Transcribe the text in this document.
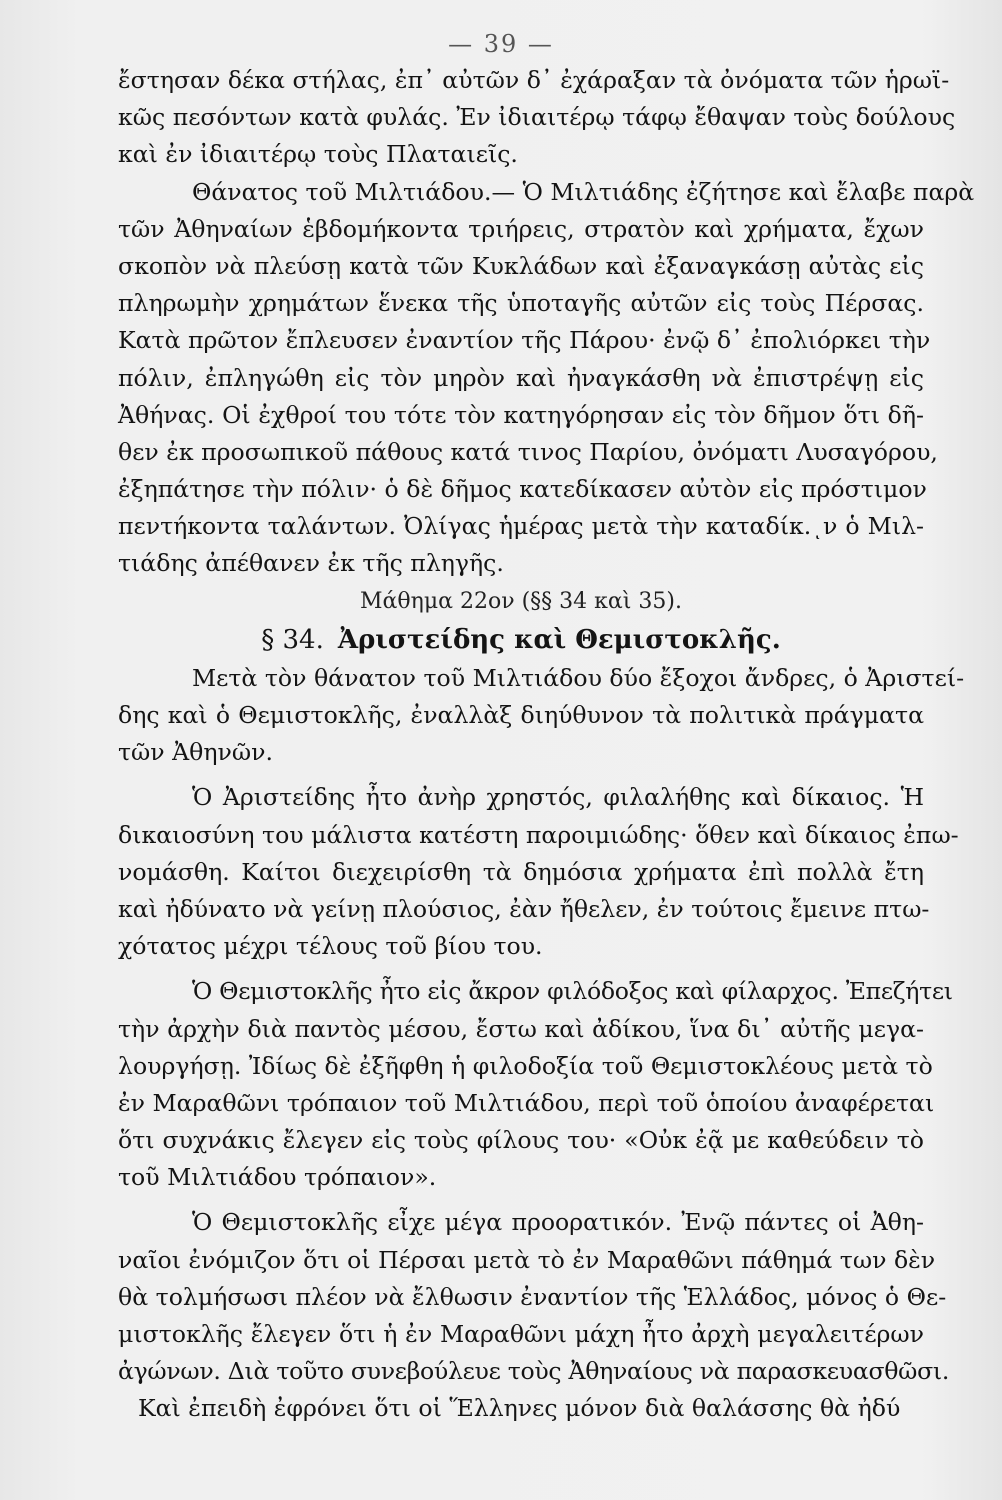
— 39 —
ἔστησαν δέκα στήλας, ἐπ᾽ αὐτῶν δ᾽ ἐχάραξαν τὰ ὀνόματα τῶν ἡρωϊ-
κῶς πεσόντων κατὰ φυλάς. Ἐν ἰδιαιτέρῳ τάφῳ ἔθαψαν τοὺς δούλους
καὶ ἐν ἰδιαιτέρῳ τοὺς Πλαταιεῖς.
Θάνατος τοῦ Μιλτιάδου.— Ὁ Μιλτιάδης ἐζήτησε καὶ ἔλαβε παρὰ
τῶν Ἀθηναίων ἑβδομήκοντα τριήρεις, στρατὸν καὶ χρήματα, ἔχων
σκοπὸν νὰ πλεύσῃ κατὰ τῶν Κυκλάδων καὶ ἐξαναγκάσῃ αὐτὰς εἰς
πληρωμὴν χρημάτων ἕνεκα τῆς ὑποταγῆς αὐτῶν εἰς τοὺς Πέρσας.
Κατὰ πρῶτον ἔπλευσεν ἐναντίον τῆς Πάρου· ἐνῷ δ᾽ ἐπολιόρκει τὴν
πόλιν, ἐπληγώθη εἰς τὸν μηρὸν καὶ ἠναγκάσθη νὰ ἐπιστρέψῃ εἰς
Ἀθήνας. Οἱ ἐχθροί του τότε τὸν κατηγόρησαν εἰς τὸν δῆμον ὅτι δῆ-
θεν ἐκ προσωπικοῦ πάθους κατά τινος Παρίου, ὀνόματι Λυσαγόρου,
ἐξηπάτησε τὴν πόλιν· ὁ δὲ δῆμος κατεδίκασεν αὐτὸν εἰς πρόστιμον
πεντήκοντα ταλάντων. Ὀλίγας ἡμέρας μετὰ τὴν καταδίκ.ͺν ὁ Μιλ-
τιάδης ἀπέθανεν ἐκ τῆς πληγῆς.
Μάθημα 22ον (§§ 34 καὶ 35).
§ 34. Ἀριστείδης καὶ Θεμιστοκλῆς.
Μετὰ τὸν θάνατον τοῦ Μιλτιάδου δύο ἔξοχοι ἄνδρες, ὁ Ἀριστεί-
δης καὶ ὁ Θεμιστοκλῆς, ἐναλλὰξ διηύθυνον τὰ πολιτικὰ πράγματα
τῶν Ἀθηνῶν.
Ὁ Ἀριστείδης ἦτο ἀνὴρ χρηστός, φιλαλήθης καὶ δίκαιος. Ἡ
δικαιοσύνη του μάλιστα κατέστη παροιμιώδης· ὅθεν καὶ δίκαιος ἐπω-
νομάσθη. Καίτοι διεχειρίσθη τὰ δημόσια χρήματα ἐπὶ πολλὰ ἔτη
καὶ ἠδύνατο νὰ γείνῃ πλούσιος, ἐὰν ἤθελεν, ἐν τούτοις ἔμεινε πτω-
χότατος μέχρι τέλους τοῦ βίου του.
Ὁ Θεμιστοκλῆς ἦτο εἰς ἄκρον φιλόδοξος καὶ φίλαρχος. Ἐπεζήτει
τὴν ἀρχὴν διὰ παντὸς μέσου, ἔστω καὶ ἀδίκου, ἵνα δι᾽ αὐτῆς μεγα-
λουργήσῃ. Ἰδίως δὲ ἐξῆφθη ἡ φιλοδοξία τοῦ Θεμιστοκλέους μετὰ τὸ
ἐν Μαραθῶνι τρόπαιον τοῦ Μιλτιάδου, περὶ τοῦ ὁποίου ἀναφέρεται
ὅτι συχνάκις ἔλεγεν εἰς τοὺς φίλους του· «Οὐκ ἐᾷ με καθεύδειν τὸ
τοῦ Μιλτιάδου τρόπαιον».
Ὁ Θεμιστοκλῆς εἶχε μέγα προορατικόν. Ἐνῷ πάντες οἱ Ἀθη-
ναῖοι ἐνόμιζον ὅτι οἱ Πέρσαι μετὰ τὸ ἐν Μαραθῶνι πάθημά των δὲν
θὰ τολμήσωσι πλέον νὰ ἔλθωσιν ἐναντίον τῆς Ἑλλάδος, μόνος ὁ Θε-
μιστοκλῆς ἔλεγεν ὅτι ἡ ἐν Μαραθῶνι μάχη ἦτο ἀρχὴ μεγαλειτέρων
ἀγώνων. Διὰ τοῦτο συνεβούλευε τοὺς Ἀθηναίους νὰ παρασκευασθῶσι.
Καὶ ἐπειδὴ ἐφρόνει ὅτι οἱ Ἕλληνες μόνον διὰ θαλάσσης θὰ ἠδύ
